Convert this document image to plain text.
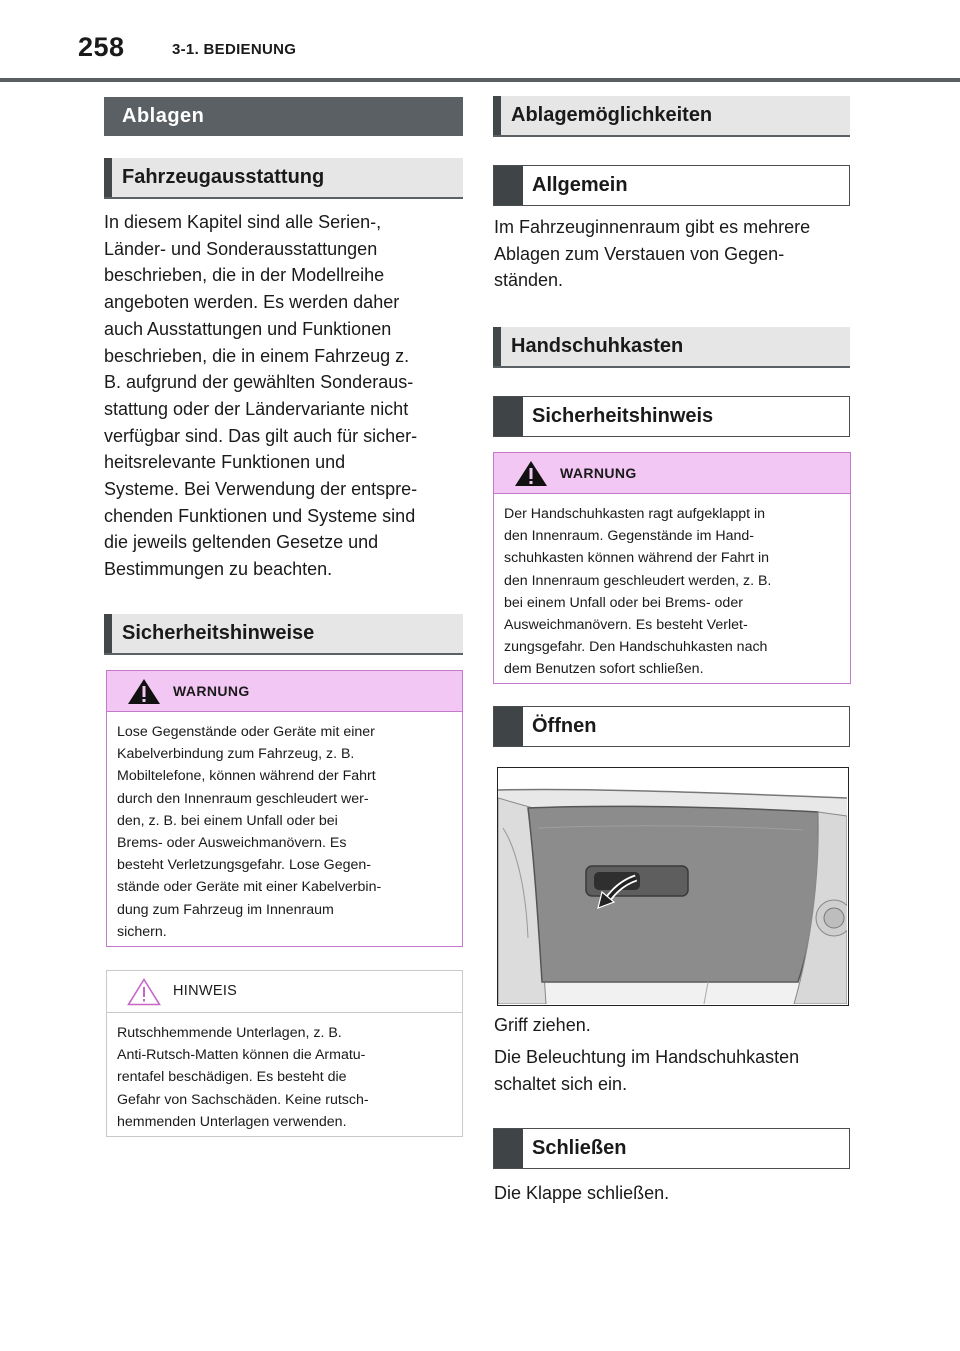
258	3-1. BEDIENUNG
Ablagen
Fahrzeugausstattung
In diesem Kapitel sind alle Serien-,
Länder- und Sonderausstattungen
beschrieben, die in der Modellreihe
angeboten werden. Es werden daher
auch Ausstattungen und Funktionen
beschrieben, die in einem Fahrzeug z.
B. aufgrund der gewählten Sonderaus-
stattung oder der Ländervariante nicht
verfügbar sind. Das gilt auch für sicher-
heitsrelevante Funktionen und
Systeme. Bei Verwendung der entspre-
chenden Funktionen und Systeme sind
die jeweils geltenden Gesetze und
Bestimmungen zu beachten.
Sicherheitshinweise
WARNUNG
Lose Gegenstände oder Geräte mit einer
Kabelverbindung zum Fahrzeug, z. B.
Mobiltelefone, können während der Fahrt
durch den Innenraum geschleudert wer-
den, z. B. bei einem Unfall oder bei
Brems- oder Ausweichmanövern. Es
besteht Verletzungsgefahr. Lose Gegen-
stände oder Geräte mit einer Kabelverbin-
dung zum Fahrzeug im Innenraum
sichern.
HINWEIS
Rutschhemmende Unterlagen, z. B.
Anti-Rutsch-Matten können die Armatu-
rentafel beschädigen. Es besteht die
Gefahr von Sachschäden. Keine rutsch-
hemmenden Unterlagen verwenden.
Ablagemöglichkeiten
Allgemein
Im Fahrzeuginnenraum gibt es mehrere
Ablagen zum Verstauen von Gegen-
ständen.
Handschuhkasten
Sicherheitshinweis
WARNUNG
Der Handschuhkasten ragt aufgeklappt in
den Innenraum. Gegenstände im Hand-
schuhkasten können während der Fahrt in
den Innenraum geschleudert werden, z. B.
bei einem Unfall oder bei Brems- oder
Ausweichmanövern. Es besteht Verlet-
zungsgefahr. Den Handschuhkasten nach
dem Benutzen sofort schließen.
Öffnen
Griff ziehen.
Die Beleuchtung im Handschuhkasten
schaltet sich ein.
Schließen
Die Klappe schließen.
